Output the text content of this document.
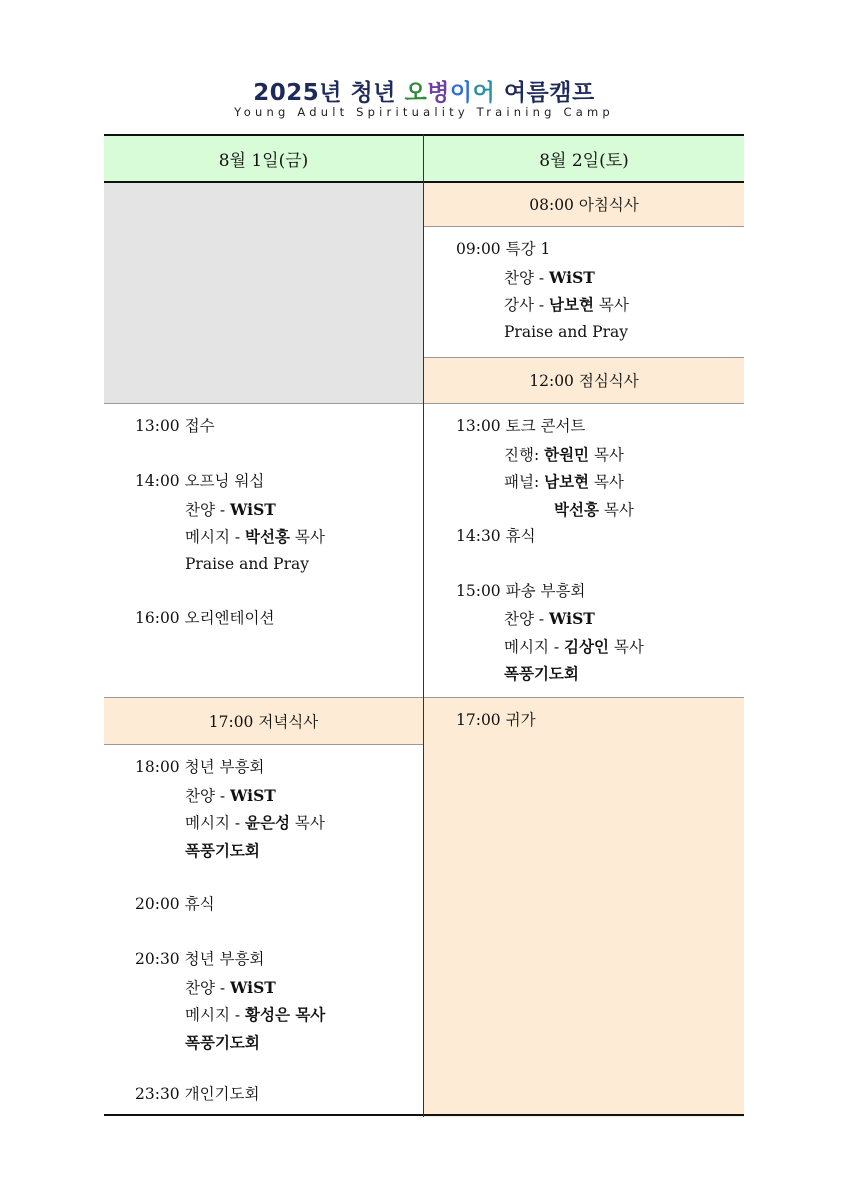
2025년 청년 오병이어 여름캠프
Young Adult Spirituality Training Camp
8월 1일(금)	8월 2일(토)
08:00 아침식사
12:00 점심식사
17:00 저녁식사
09:00 특강 1
찬양 - WiST
강사 - 남보현 목사
Praise and Pray
13:00 접수
14:00 오프닝 워십
찬양 - WiST
메시지 - 박선홍 목사
Praise and Pray
16:00 오리엔테이션
13:00 토크 콘서트
진행: 한원민 목사
패널: 남보현 목사
박선홍 목사
14:30 휴식
15:00 파송 부흥회
찬양 - WiST
메시지 - 김상인 목사
폭풍기도회
17:00 귀가
18:00 청년 부흥회
찬양 - WiST
메시지 - 윤은성 목사
폭풍기도회
20:00 휴식
20:30 청년 부흥회
찬양 - WiST
메시지 - 황성은 목사
폭풍기도회
23:30 개인기도회
